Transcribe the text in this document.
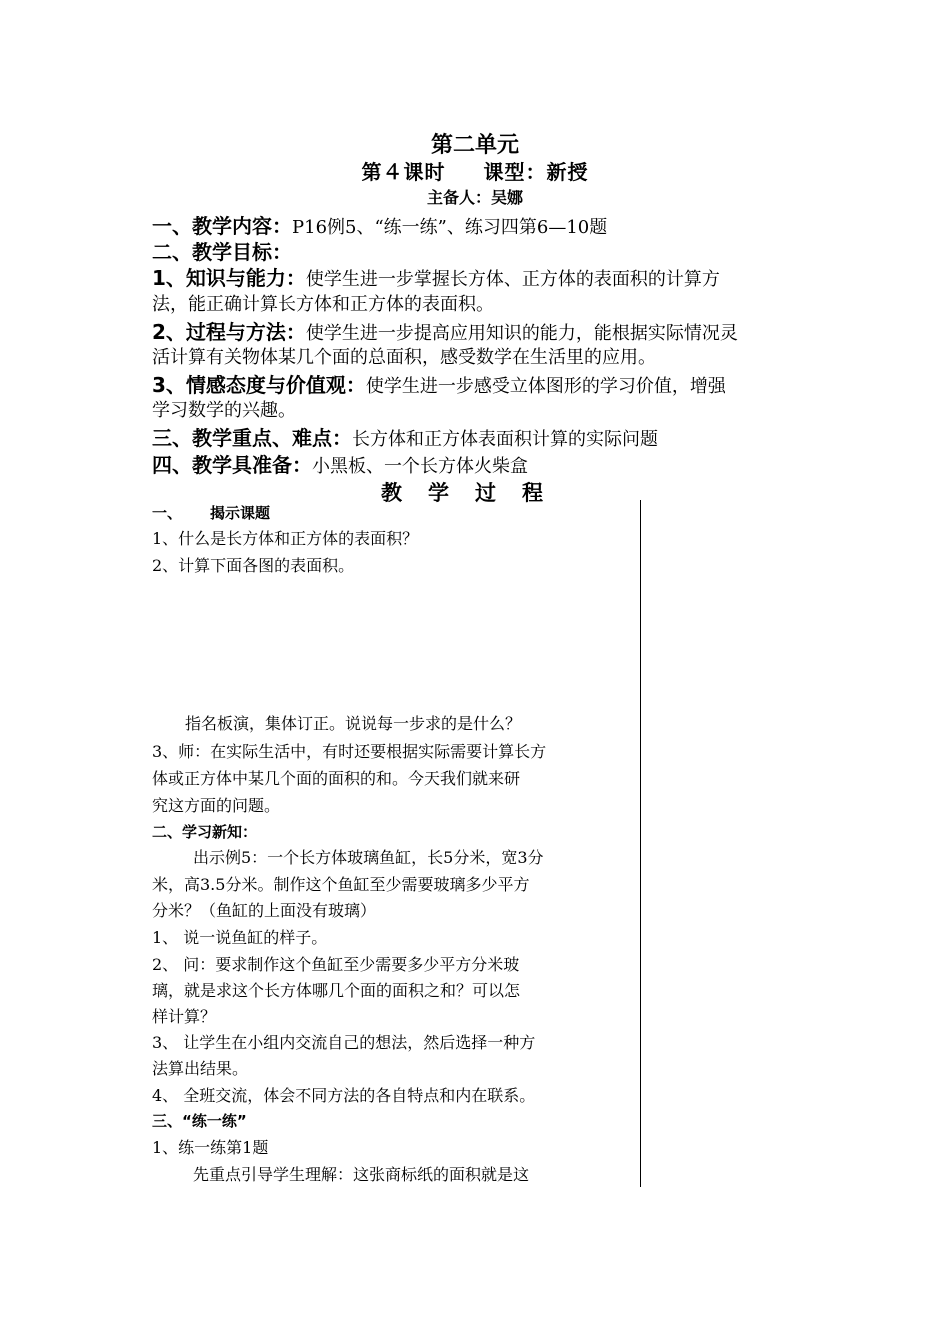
第二单元
第４课时 课型：新授
主备人：吴娜
一、教学内容：P16例5、“练一练”、练习四第6—10题
二、教学目标：
1、知识与能力：使学生进一步掌握长方体、正方体的表面积的计算方
法，能正确计算长方体和正方体的表面积。
2、过程与方法：使学生进一步提高应用知识的能力，能根据实际情况灵
活计算有关物体某几个面的总面积，感受数学在生活里的应用。
3、情感态度与价值观：使学生进一步感受立体图形的学习价值，增强
学习数学的兴趣。
三、教学重点、难点：长方体和正方体表面积计算的实际问题
四、教学具准备：小黑板、一个长方体火柴盒
教学过程
一、 揭示课题
1、什么是长方体和正方体的表面积？
2、计算下面各图的表面积。
指名板演，集体订正。说说每一步求的是什么？
3、师：在实际生活中，有时还要根据实际需要计算长方
体或正方体中某几个面的面积的和。今天我们就来研
究这方面的问题。
二、学习新知：
出示例5：一个长方体玻璃鱼缸，长5分米，宽3分
米，高3.5分米。制作这个鱼缸至少需要玻璃多少平方
分米？（鱼缸的上面没有玻璃）
1、 说一说鱼缸的样子。
2、 问：要求制作这个鱼缸至少需要多少平方分米玻
璃，就是求这个长方体哪几个面的面积之和？可以怎
样计算？
3、 让学生在小组内交流自己的想法，然后选择一种方
法算出结果。
4、 全班交流，体会不同方法的各自特点和内在联系。
三、“练一练”
1、练一练第1题
先重点引导学生理解：这张商标纸的面积就是这
